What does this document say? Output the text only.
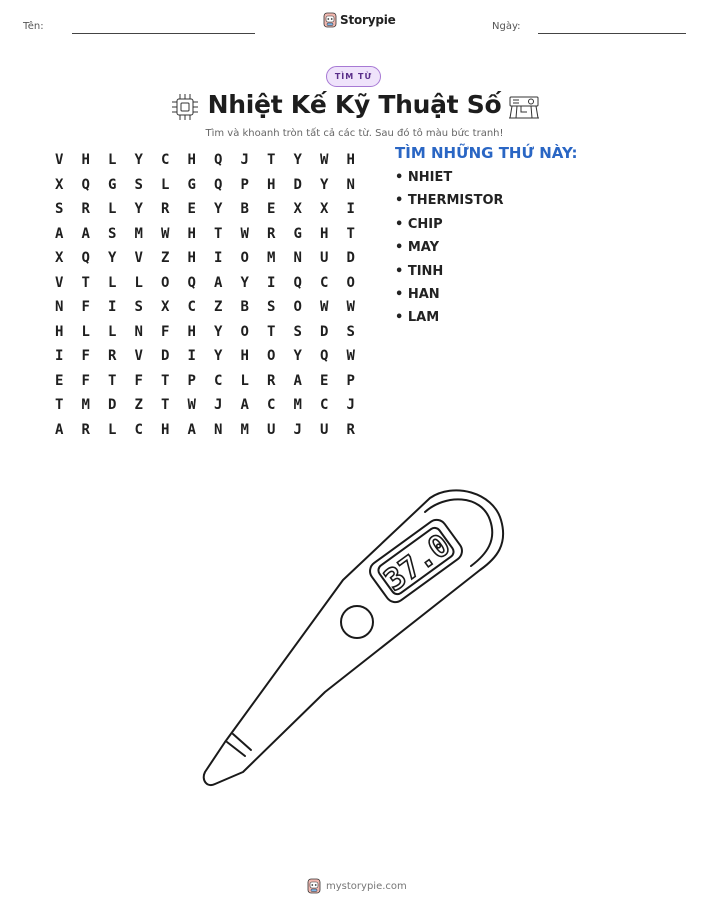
Tên:	Storypie	Ngày:
TÌM TỪ
Nhiệt Kế Kỹ Thuật Số
Tìm và khoanh tròn tất cả các từ. Sau đó tô màu bức tranh!
V	H	L	Y	C	H	Q	J	T	Y	W	H
X	Q	G	S	L	G	Q	P	H	D	Y	N
S	R	L	Y	R	E	Y	B	E	X	X	I
A	A	S	M	W	H	T	W	R	G	H	T
X	Q	Y	V	Z	H	I	O	M	N	U	D
V	T	L	L	O	Q	A	Y	I	Q	C	O
N	F	I	S	X	C	Z	B	S	O	W	W
H	L	L	N	F	H	Y	O	T	S	D	S
I	F	R	V	D	I	Y	H	O	Y	Q	W
E	F	T	F	T	P	C	L	R	A	E	P
T	M	D	Z	T	W	J	A	C	M	C	J
A	R	L	C	H	A	N	M	U	J	U	R
TÌM NHỮNG THỨ NÀY:
• NHIET
• THERMISTOR
• CHIP
• MAY
• TINH
• HAN
• LAM
37.0
mystorypie.com
